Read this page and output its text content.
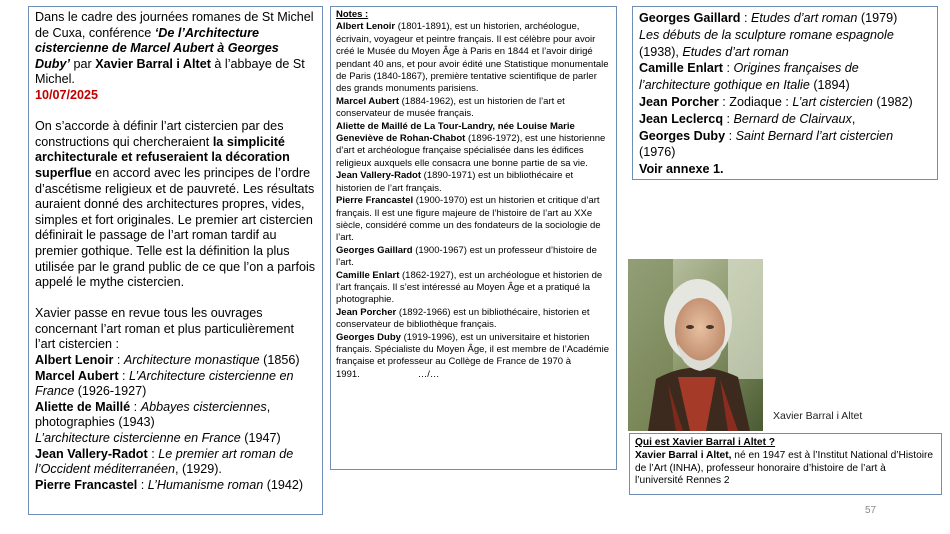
Dans le cadre des journées romanes de St Michel de Cuxa, conférence ‘De l’Architecture cistercienne de Marcel Aubert à Georges Duby’ par Xavier Barral i Altet à l’abbaye de St Michel.
10/07/2025

On s’accorde à définir l’art cistercien par des constructions qui chercheraient la simplicité architecturale et refuseraient la décoration superflue en accord avec les principes de l’ordre d’ascétisme religieux et de pauvreté. Les résultats auraient donné des architectures propres, vides, simples et fort originales. Le premier art cistercien définirait le passage de l’art roman tardif au premier gothique. Telle est la définition la plus utilisée par le grand public de ce que l’on a parfois appelé le mythe cistercien.

Xavier passe en revue tous les ouvrages concernant l’art roman et plus particulièrement l’art cistercien :

Albert Lenoir : Architecture monastique (1856)

Marcel Aubert : L’Architecture cistercienne en France (1926-1927)

Aliette de Maillé : Abbayes cisterciennes, photographies (1943)

L’architecture cistercienne en France (1947)

Jean Vallery-Radot : Le premier art roman de l’Occident méditerranéen, (1929).

Pierre Francastel : L’Humanisme roman (1942)

Notes :

Albert Lenoir (1801-1891), est un historien, archéologue, écrivain, voyageur et peintre français. Il est célèbre pour avoir créé le Musée du Moyen Âge à Paris en 1844 et l’avoir dirigé pendant 40 ans, et pour avoir édité une Statistique monumentale de Paris (1840-1867), première tentative scientifique de parler des grands monuments parisiens.

Marcel Aubert (1884-1962), est un historien de l’art et conservateur de musée français.

Aliette de Maillé de La Tour-Landry, née Louise Marie Geneviève de Rohan-Chabot (1896-1972), est une historienne d’art et archéologue française spécialisée dans les édifices religieux auxquels elle consacra une bonne partie de sa vie.

Jean Vallery-Radot (1890-1971) est un bibliothécaire et historien de l’art français.

Pierre Francastel (1900-1970) est un historien et critique d’art français. Il est une figure majeure de l’histoire de l’art au XXe siècle, considéré comme un des fondateurs de la sociologie de l’art.

Georges Gaillard (1900-1967) est un professeur d’histoire de l’art.

Camille Enlart (1862-1927), est un archéologue et historien de l’art français. Il s’est intéressé au Moyen Âge et a pratiqué la photographie.

Jean Porcher (1892-1966) est un bibliothécaire, historien et conservateur de bibliothèque français.

Georges Duby (1919-1996), est un universitaire et historien français. Spécialiste du Moyen Âge, il est membre de l’Académie française et professeur au Collège de France de 1970 à 1991.	…/…

Georges Gaillard : Etudes d’art roman (1979)

Les débuts de la sculpture romane espagnole (1938), Etudes d’art roman

Camille Enlart : Origines françaises de l’architecture gothique en Italie (1894)

Jean Porcher : Zodiaque : L’art cistercien (1982)

Jean Leclercq : Bernard de Clairvaux,

Georges Duby : Saint Bernard l’art cistercien (1976)

Voir annexe 1.

Xavier Barral i Altet

Qui est Xavier Barral i Altet ?

Xavier Barral i Altet, né en 1947 est à l’Institut National d’Histoire de l’Art (INHA), professeur honoraire d’histoire de l’art à l’université Rennes 2

57
